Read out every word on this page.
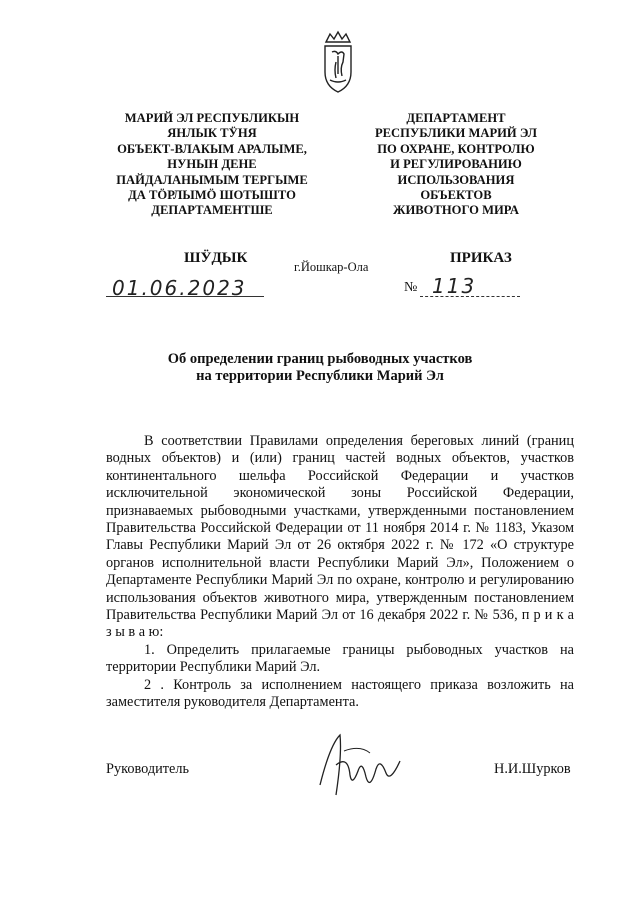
МАРИЙ ЭЛ РЕСПУБЛИКЫН
ЯНЛЫК ТӰНЯ
ОБЪЕКТ-ВЛАКЫМ АРАЛЫМЕ,
НУНЫН ДЕНЕ
ПАЙДАЛАНЫМЫМ ТЕРГЫМЕ
ДА ТӦРЛЫМӦ ШОТЫШТО
ДЕПАРТАМЕНТШЕ
ДЕПАРТАМЕНТ
РЕСПУБЛИКИ МАРИЙ ЭЛ
ПО ОХРАНЕ, КОНТРОЛЮ
И РЕГУЛИРОВАНИЮ
ИСПОЛЬЗОВАНИЯ
ОБЪЕКТОВ
ЖИВОТНОГО МИРА
ШӰДЫК	ПРИКАЗ
г.Йошкар-Ола
01.06.2023	№ 113
Об определении границ рыбоводных участков
на территории Республики Марий Эл

В соответствии Правилами определения береговых линий (границ водных объектов) и (или) границ частей водных объектов, участков континентального шельфа Российской Федерации и участков исключительной экономической зоны Российской Федерации, признаваемых рыбоводными участками, утвержденными постановлением Правительства Российской Федерации от 11 ноября 2014 г. № 1183, Указом Главы Республики Марий Эл от 26 октября 2022 г. № 172 «О структуре органов исполнительной власти Республики Марий Эл», Положением о Департаменте Республики Марий Эл по охране, контролю и регулированию использования объектов животного мира, утвержденным постановлением Правительства Республики Марий Эл от 16 декабря 2022 г. № 536, п р и к а з ы в а ю:

1. Определить прилагаемые границы рыбоводных участков на территории Республики Марий Эл.

2 . Контроль за исполнением настоящего приказа возложить на заместителя руководителя Департамента.

Руководитель	Н.И.Шурков
